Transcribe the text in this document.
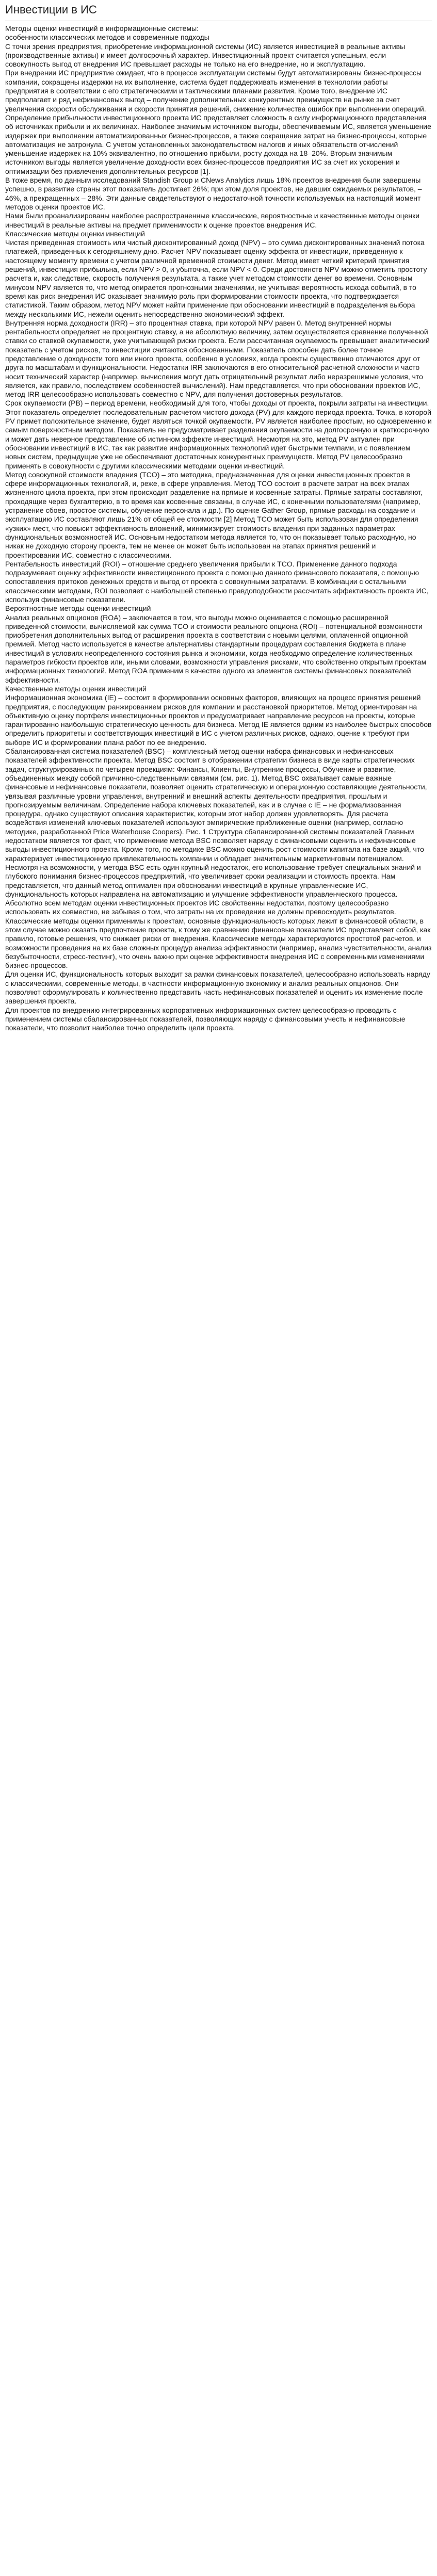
Инвестиции в ИС

Методы оценки инвестиций в информационные системы:

особенности классических методов и современные подходы

С точки зрения предприятия, приобретение информационной системы (ИС) является инвестицией в реальные активы (производственные активы) и имеет долгосрочный характер. Инвестиционный проект считается успешным, если совокупность выгод от внедрения ИС превышает расходы не только на его внедрение, но и эксплуатацию.

При внедрении ИС предприятие ожидает, что в процессе эксплуатации системы будут автоматизированы бизнес-процессы компании, сокращены издержки на их выполнение, система будет поддерживать изменения в технологии работы предприятия в соответствии с его стратегическими и тактическими планами развития. Кроме того, внедрение ИС предполагает и ряд нефинансовых выгод – получение дополнительных конкурентных преимуществ на рынке за счет увеличения скорости обслуживания и скорости принятия решений, снижение количества ошибок при выполнении операций.

Определение прибыльности инвестиционного проекта ИС представляет сложность в силу информационного представления об источниках прибыли и их величинах. Наиболее значимым источником выгоды, обеспечиваемым ИС, является уменьшение издержек при выполнении автоматизированных бизнес-процессов, а также сокращение затрат на бизнес-процессы, которые автоматизация не затронула. С учетом установленных законодательством налогов и иных обязательств отчислений уменьшение издержек на 10% эквивалентно, по отношению прибыли, росту дохода на 18–20%. Вторым значимым источником выгоды является увеличение доходности всех бизнес-процессов предприятия ИС за счет их ускорения и оптимизации без привлечения дополнительных ресурсов [1].

В тоже время, по данным исследований Standish Group и CNews Analytics лишь 18% проектов внедрения были завершены успешно, в развитие страны этот показатель достигает 26%; при этом доля проектов, не давших ожидаемых результатов, – 46%, а прекращенных – 28%. Эти данные свидетельствуют о недостаточной точности используемых на настоящий момент методов оценки проектов ИС.

Нами были проанализированы наиболее распространенные классические, вероятностные и качественные методы оценки инвестиций в реальные активы на предмет применимости к оценке проектов внедрения ИС.

Классические методы оценки инвестиций

Чистая приведенная стоимость или чистый дисконтированный доход (NPV) – это сумма дисконтированных значений потока платежей, приведенных к сегодняшнему дню. Расчет NPV показывает оценку эффекта от инвестиции, приведенную к настоящему моменту времени с учетом различной временной стоимости денег. Метод имеет четкий критерий принятия решений, инвестиция прибыльна, если NPV > 0, и убыточна, если NPV < 0. Среди достоинств NPV можно отметить простоту расчета и, как следствие, скорость получения результата, а также учет методом стоимости денег во времени. Основным минусом NPV является то, что метод опирается прогнозными значениями, не учитывая вероятность исхода событий, в то время как риск внедрения ИС оказывает значимую роль при формировании стоимости проекта, что подтверждается статистикой. Таким образом, метод NPV может найти применение при обосновании инвестиций в подразделения выбора между несколькими ИС, нежели оценить непосредственно экономический эффект.

Внутренняя норма доходности (IRR) – это процентная ставка, при которой NPV равен 0. Метод внутренней нормы рентабельности определяет не процентную ставку, а не абсолютную величину, затем осуществляется сравнение полученной ставки со ставкой окупаемости, уже учитывающей риски проекта. Если рассчитанная окупаемость превышает аналитический показатель с учетом рисков, то инвестиции считаются обоснованными. Показатель способен дать более точное представление о доходности того или иного проекта, особенно в условиях, когда проекты существенно отличаются друг от друга по масштабам и функциональности. Недостатки IRR заключаются в его относительной расчетной сложности и часто носит технический характер (например, вычисления могут дать отрицательный результат либо неразрешимые условия, что является, как правило, последствием особенностей вычислений). Нам представляется, что при обосновании проектов ИС, метод IRR целесообразно использовать совместно с NPV, для получения достоверных результатов.

Срок окупаемости (PB) – период времени, необходимый для того, чтобы доходы от проекта, покрыли затраты на инвестиции. Этот показатель определяет последовательным расчетом чистого дохода (PV) для каждого периода проекта. Точка, в которой PV примет положительное значение, будет являться точкой окупаемости. PV является наиболее простым, но одновременно и самым поверхностным методом. Показатель не предусматривает разделения окупаемости на долгосрочную и краткосрочную и может дать неверное представление об истинном эффекте инвестиций. Несмотря на это, метод PV актуален при обосновании инвестиций в ИС, так как развитие информационных технологий идет быстрыми темпами, и с появлением новых систем, предыдущие уже не обеспечивают достаточных конкурентных преимуществ. Метод PV целесообразно применять в совокупности с другими классическими методами оценки инвестиций.

Метод совокупной стоимости владения (TCO) – это методика, предназначенная для оценки инвестиционных проектов в сфере информационных технологий, и, реже, в сфере управления. Метод TCO состоит в расчете затрат на всех этапах жизненного цикла проекта, при этом происходит разделение на прямые и косвенные затраты. Прямые затраты составляют, проходящие через бухгалтерию, в то время как косвенные связаны, в случае ИС, с конечными пользователями (например, устранение сбоев, простое системы, обучение персонала и др.). По оценке Gather Group, прямые расходы на создание и эксплуатацию ИС составляют лишь 21% от общей ее стоимости [2] Метод TCO может быть использован для определения «узких» мест, что повысит эффективность вложений, минимизирует стоимость владения при заданных параметрах функциональных возможностей ИС. Основным недостатком метода является то, что он показывает только расходную, но никак не доходную сторону проекта, тем не менее он может быть использован на этапах принятия решений и проектировании ИС, совместно с классическими.

Рентабельность инвестиций (ROI) – отношение среднего увеличения прибыли к TCO. Применение данного подхода подразумевает оценку эффективности инвестиционного проекта с помощью данного финансового показателя, с помощью сопоставления притоков денежных средств и выгод от проекта с совокупными затратами. В комбинации с остальными классическими методами, ROI позволяет с наибольшей степенью правдоподобности рассчитать эффективность проекта ИС, используя финансовые показатели.

Вероятностные методы оценки инвестиций

Анализ реальных опционов (ROA) – заключается в том, что выгоды можно оценивается с помощью расширенной приведенной стоимости, вычисляемой как сумма TCO и стоимости реального опциона (ROI) – потенциальной возможности приобретения дополнительных выгод от расширения проекта в соответствии с новыми целями, оплаченной опционной премией. Метод часто используется в качестве альтернативы стандартным процедурам составления бюджета в плане инвестиций в условиях неопределенного состояния рынка и экономики, когда необходимо определение количественных параметров гибкости проектов или, иными словами, возможности управления рисками, что свойственно открытым проектам информационных технологий. Метод ROA применим в качестве одного из элементов системы финансовых показателей эффективности.

Качественные методы оценки инвестиций

Информационная экономика (IE) – состоит в формировании основных факторов, влияющих на процесс принятия решений предприятия, с последующим ранжированием рисков для компании и расстановкой приоритетов. Метод ориентирован на объективную оценку портфеля инвестиционных проектов и предусматривает направление ресурсов на проекты, которые гарантированно наибольшую стратегическую ценность для бизнеса. Метод IE является одним из наиболее быстрых способов определить приоритеты и соответствующих инвестиций в ИС с учетом различных рисков, однако, оценке к требуют при выборе ИС и формировании плана работ по ее внедрению.

Сбалансированная система показателей (BSC) – комплексный метод оценки набора финансовых и нефинансовых показателей эффективности проекта. Метод BSC состоит в отображении стратегии бизнеса в виде карты стратегических задач, структурированных по четырем проекциям: Финансы, Клиенты, Внутренние процессы, Обучение и развитие, объединенных между собой причинно-следственными связями (см. рис. 1). Метод BSC охватывает самые важные финансовые и нефинансовые показатели, позволяет оценить стратегическую и операционную составляющие деятельности, увязывая различные уровни управления, внутренний и внешний аспекты деятельности предприятия, прошлым и прогнозируемым величинам. Определение набора ключевых показателей, как и в случае с IE – не формализованная процедура, однако существуют описания характеристик, которым этот набор должен удовлетворять. Для расчета воздействия изменений ключевых показателей используют эмпирические приближенные оценки (например, согласно методике, разработанной Price Waterhouse Coopers). Рис. 1 Структура сбалансированной системы показателей Главным недостатком является тот факт, что применение метода BSC позволяет наряду с финансовыми оценить и нефинансовые выгоды инвестиционного проекта. Кроме того, по методике BSC можно оценить рост стоимости капитала на базе акций, что характеризует инвестиционную привлекательность компании и обладает значительным маркетинговым потенциалом.

Несмотря на возможности, у метода BSC есть один крупный недостаток, его использование требует специальных знаний и глубокого понимания бизнес-процессов предприятий, что увеличивает сроки реализации и стоимость проекта. Нам представляется, что данный метод оптимален при обосновании инвестиций в крупные управленческие ИС, функциональность которых направлена на автоматизацию и улучшение эффективности управленческого процесса.

Абсолютно всем методам оценки инвестиционных проектов ИС свойственны недостатки, поэтому целесообразно использовать их совместно, не забывая о том, что затраты на их проведение не должны превосходить результатов. Классические методы оценки применимы к проектам, основные функциональность которых лежит в финансовой области, в этом случае можно оказать предпочтение проекта, к тому же сравнению финансовые показатели ИС представляет собой, как правило, готовые решения, что снижает риски от внедрения. Классические методы характеризуются простотой расчетов, и возможности проведения на их базе сложных процедур анализа эффективности (например, анализ чувствительности, анализ безубыточности, стресс-тестинг), что очень важно при оценке эффективности внедрения ИС с современными изменениями бизнес-процессов.

Для оценки ИС, функциональность которых выходит за рамки финансовых показателей, целесообразно использовать наряду с классическими, современные методы, в частности информационную экономику и анализ реальных опционов. Они позволяют сформулировать и количественно представить часть нефинансовых показателей и оценить их изменение после завершения проекта.

Для проектов по внедрению интегрированных корпоративных информационных систем целесообразно проводить с применением системы сбалансированных показателей, позволяющих наряду с финансовыми учесть и нефинансовые показатели, что позволит наиболее точно определить цели проекта.
